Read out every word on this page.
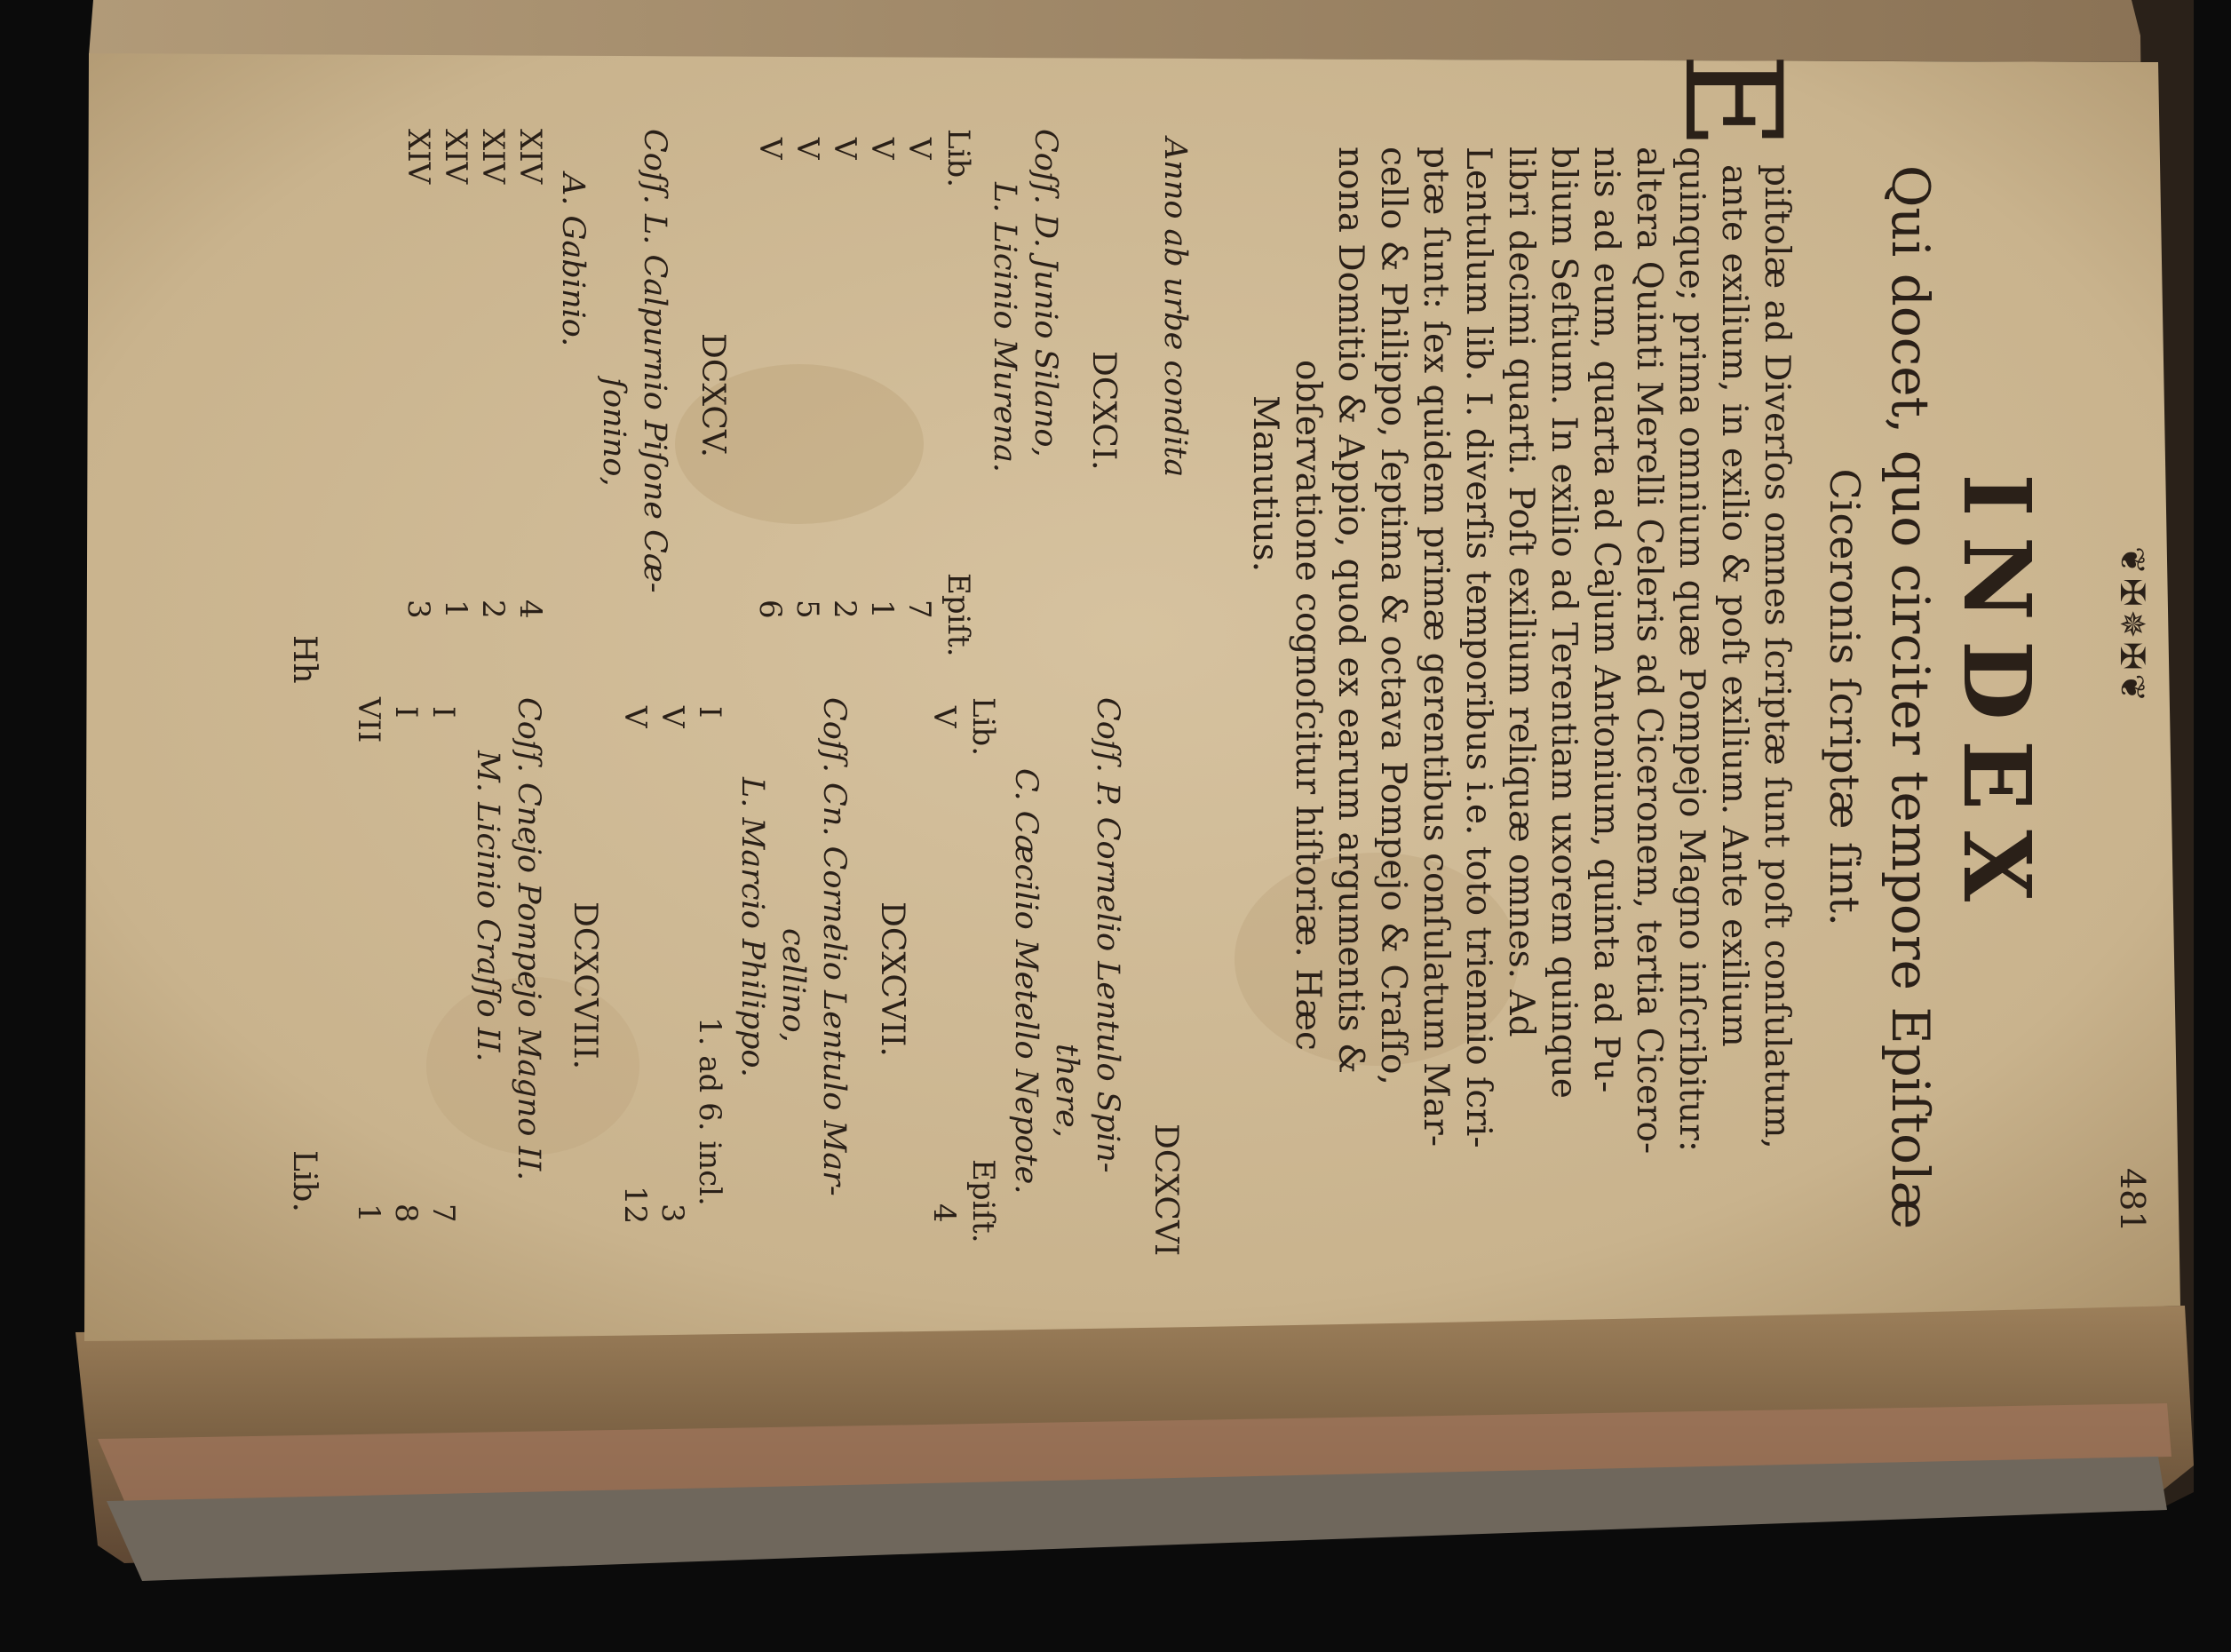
❦✠✵✠❦
481
INDEX
Qui docet, quo circiter tempore Epiſtolæ
Ciceronis ſcriptæ ſint.
E
piſtolæ ad Diverſos omnes ſcriptæ ſunt poſt conſulatum,
ante exilium, in exilio & poſt exilium. Ante exilium
quinque; prima omnium quæ Pompejo Magno inſcribitur:
altera Quinti Merelli Celeris ad Ciceronem, tertia Cicero-
nis ad eum, quarta ad Cajum Antonium, quinta ad Pu-
blium Seſtium. In exilio ad Terentiam uxorem quinque
libri decimi quarti. Poſt exilium reliquæ omnes. Ad
Lentulum lib. I. diverſis temporibus i.e. toto triennio ſcri-
ptæ ſunt: ſex quidem primæ gerentibus conſulatum Mar-
cello & Philippo, ſeptima & octava Pompejo & Craſſo,
nona Domitio & Appio, quod ex earum argumentis &
obſervatione cognoſcitur hiſtoriæ. Hæc
Manutius.
Anno ab urbe condita
DCXCI.
Coſſ. D. Junio Silano,
L. Licinio Murena.
Lib.
Epiſt.
V
7
V
1
V
2
V
5
V
6
DCXCV.
Coſſ. L. Calpurnio Piſone Cæ-
ſonino,
A. Gabinio.
XIV
4
XIV
2
XIV
1
XIV
3
DCXCVI
Coſſ. P. Cornelio Lentulo Spin-
there,
C. Cæcilio Metello Nepote.
Lib.
Epiſt.
V
4
DCXCVII.
Coſſ. Cn. Cornelio Lentulo Mar-
cellino,
L. Marcio Philippo.
I
1. ad 6. incl.
V
3
V
12
DCXCVIII.
Coſſ. Cnejo Pompejo Magno II.
M. Licinio Craſſo II.
I
7
I
8
VII
1
Hh
Lib.
